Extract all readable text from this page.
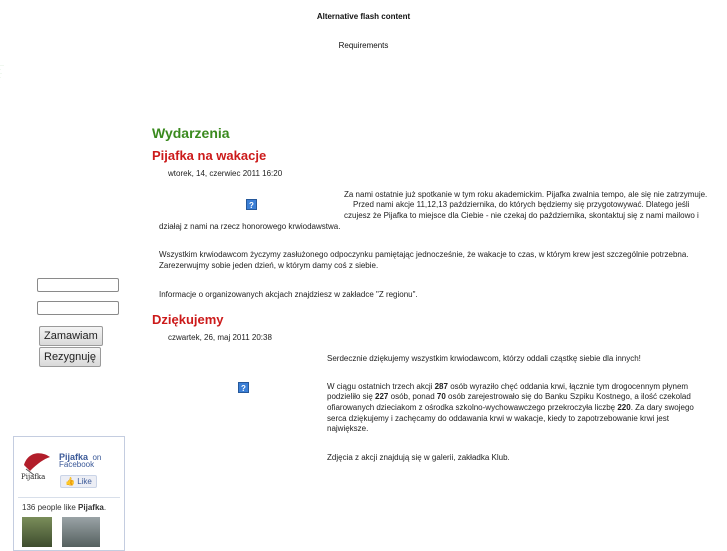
Alternative flash content
Requirements
····
·
··
·
Wydarzenia
Pijafka na wakacje
wtorek, 14, czerwiec 2011 16:20
?
Za nami ostatnie już spotkanie w tym roku akademickim. Pijafka zwalnia tempo, ale się nie zatrzymuje.
Przed nami akcje 11,12,13 października, do których będziemy się przygotowywać. Dlatego jeśli
czujesz że Pijafka to miejsce dla Ciebie - nie czekaj do października, skontaktuj się z nami mailowo i
działaj z nami na rzecz honorowego krwiodawstwa.
Wszystkim krwiodawcom życzymy zasłużonego odpoczynku pamiętając jednocześnie, że wakacje to czas, w którym krew jest szczególnie potrzebna.
Zarezerwujmy sobie jeden dzień, w którym damy coś z siebie.
Informacje o organizowanych akcjach znajdziesz w zakładce "Z regionu".
Dziękujemy
czwartek, 26, maj 2011 20:38
?
Serdecznie dziękujemy wszystkim krwiodawcom, którzy oddali cząstkę siebie dla innych!
W ciągu ostatnich trzech akcji 287 osób wyraziło chęć oddania krwi, łącznie tym drogocennym płynem
podzieliło się 227 osób, ponad 70 osób zarejestrowało się do Banku Szpiku Kostnego, a ilość czekolad
ofiarowanych dzieciakom z ośrodka szkolno-wychowawczego przekroczyła liczbę 220. Za dary swojego
serca dziękujemy i zachęcamy do oddawania krwi w wakacje, kiedy to zapotrzebowanie krwi jest
największe.
Zdjęcia z akcji znajdują się w galerii, zakładka Klub.
Zamawiam
Rezygnuję
Pijafka
Pijafka on
Facebook
👍 Like
136 people like Pijafka.
